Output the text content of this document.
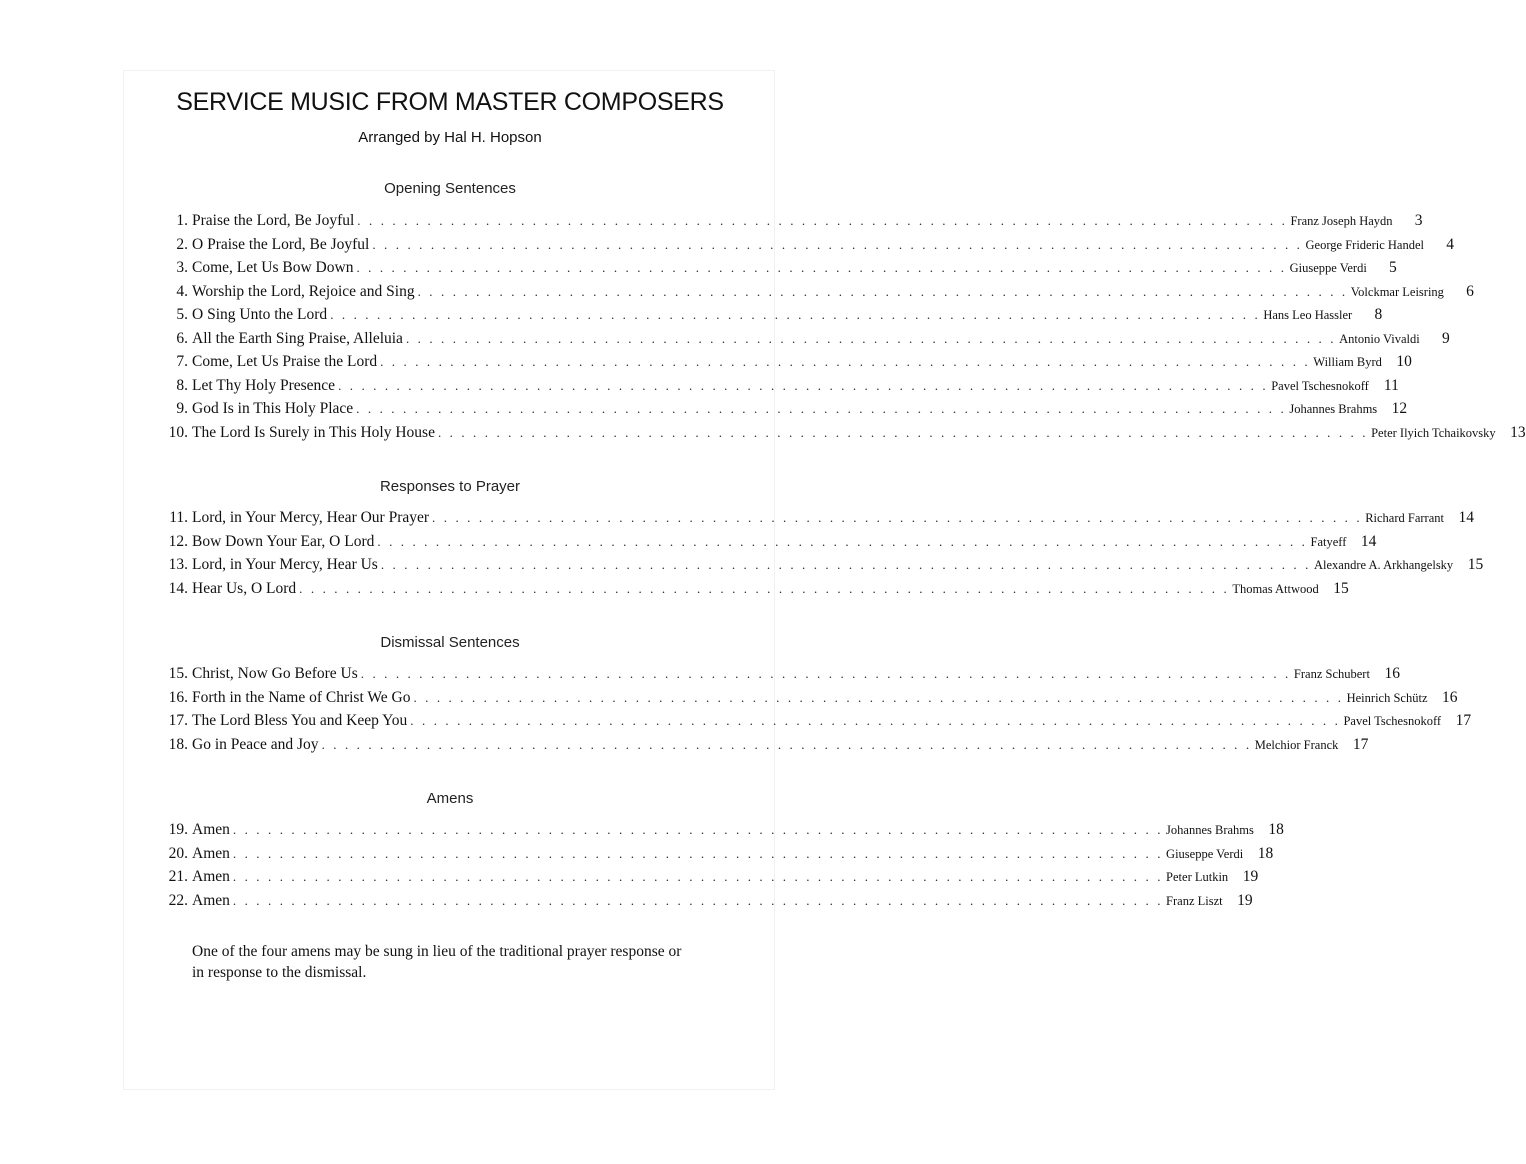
SERVICE MUSIC FROM MASTER COMPOSERS
Arranged by Hal H. Hopson
Opening Sentences
1. Praise the Lord, Be Joyful . . . . . . . . . . . . . . . . . . . . . . . . . . . . . . . . . . . . . . . . . . . . . . . . . . . . . . . . . . . . . . . . . . . . . . . . . . . . . . . . Franz Joseph Haydn	3
2. O Praise the Lord, Be Joyful . . . . . . . . . . . . . . . . . . . . . . . . . . . . . . . . . . . . . . . . . . . . . . . . . . . . . . . . . . . . . . . . . . . . . . . . . . . . . . . . George Frideric Handel	4
3. Come, Let Us Bow Down . . . . . . . . . . . . . . . . . . . . . . . . . . . . . . . . . . . . . . . . . . . . . . . . . . . . . . . . . . . . . . . . . . . . . . . . . . . . . . . . Giuseppe Verdi	5
4. Worship the Lord, Rejoice and Sing . . . . . . . . . . . . . . . . . . . . . . . . . . . . . . . . . . . . . . . . . . . . . . . . . . . . . . . . . . . . . . . . . . . . . . . . . . . . . . . . Volckmar Leisring	6
5. O Sing Unto the Lord . . . . . . . . . . . . . . . . . . . . . . . . . . . . . . . . . . . . . . . . . . . . . . . . . . . . . . . . . . . . . . . . . . . . . . . . . . . . . . . . Hans Leo Hassler	8
6. All the Earth Sing Praise, Alleluia . . . . . . . . . . . . . . . . . . . . . . . . . . . . . . . . . . . . . . . . . . . . . . . . . . . . . . . . . . . . . . . . . . . . . . . . . . . . . . . . Antonio Vivaldi	9
7. Come, Let Us Praise the Lord . . . . . . . . . . . . . . . . . . . . . . . . . . . . . . . . . . . . . . . . . . . . . . . . . . . . . . . . . . . . . . . . . . . . . . . . . . . . . . . . William Byrd 10
8. Let Thy Holy Presence . . . . . . . . . . . . . . . . . . . . . . . . . . . . . . . . . . . . . . . . . . . . . . . . . . . . . . . . . . . . . . . . . . . . . . . . . . . . . . . . Pavel Tschesnokoff 11
9. God Is in This Holy Place . . . . . . . . . . . . . . . . . . . . . . . . . . . . . . . . . . . . . . . . . . . . . . . . . . . . . . . . . . . . . . . . . . . . . . . . . . . . . . . . Johannes Brahms 12
10. The Lord Is Surely in This Holy House . . . . . . . . . . . . . . . . . . . . . . . . . . . . . . . . . . . . . . . . . . . . . . . . . . . . . . . . . . . . . . . . . . . . . . . . . . . . . . . . Peter Ilyich Tchaikovsky 13
Responses to Prayer
11. Lord, in Your Mercy, Hear Our Prayer . . . . . . . . . . . . . . . . . . . . . . . . . . . . . . . . . . . . . . . . . . . . . . . . . . . . . . . . . . . . . . . . . . . . . . . . . . . . . . . . Richard Farrant 14
12. Bow Down Your Ear, O Lord . . . . . . . . . . . . . . . . . . . . . . . . . . . . . . . . . . . . . . . . . . . . . . . . . . . . . . . . . . . . . . . . . . . . . . . . . . . . . . . . Fatyeff 14
13. Lord, in Your Mercy, Hear Us . . . . . . . . . . . . . . . . . . . . . . . . . . . . . . . . . . . . . . . . . . . . . . . . . . . . . . . . . . . . . . . . . . . . . . . . . . . . . . . . Alexandre A. Arkhangelsky 15
14. Hear Us, O Lord . . . . . . . . . . . . . . . . . . . . . . . . . . . . . . . . . . . . . . . . . . . . . . . . . . . . . . . . . . . . . . . . . . . . . . . . . . . . . . . . Thomas Attwood 15
Dismissal Sentences
15. Christ, Now Go Before Us . . . . . . . . . . . . . . . . . . . . . . . . . . . . . . . . . . . . . . . . . . . . . . . . . . . . . . . . . . . . . . . . . . . . . . . . . . . . . . . . Franz Schubert 16
16. Forth in the Name of Christ We Go . . . . . . . . . . . . . . . . . . . . . . . . . . . . . . . . . . . . . . . . . . . . . . . . . . . . . . . . . . . . . . . . . . . . . . . . . . . . . . . . Heinrich Schütz 16
17. The Lord Bless You and Keep You . . . . . . . . . . . . . . . . . . . . . . . . . . . . . . . . . . . . . . . . . . . . . . . . . . . . . . . . . . . . . . . . . . . . . . . . . . . . . . . . Pavel Tschesnokoff 17
18. Go in Peace and Joy . . . . . . . . . . . . . . . . . . . . . . . . . . . . . . . . . . . . . . . . . . . . . . . . . . . . . . . . . . . . . . . . . . . . . . . . . . . . . . . . Melchior Franck 17
Amens
19. Amen . . . . . . . . . . . . . . . . . . . . . . . . . . . . . . . . . . . . . . . . . . . . . . . . . . . . . . . . . . . . . . . . . . . . . . . . . . . . . . . . Johannes Brahms 18
20. Amen . . . . . . . . . . . . . . . . . . . . . . . . . . . . . . . . . . . . . . . . . . . . . . . . . . . . . . . . . . . . . . . . . . . . . . . . . . . . . . . . Giuseppe Verdi 18
21. Amen . . . . . . . . . . . . . . . . . . . . . . . . . . . . . . . . . . . . . . . . . . . . . . . . . . . . . . . . . . . . . . . . . . . . . . . . . . . . . . . . Peter Lutkin 19
22. Amen . . . . . . . . . . . . . . . . . . . . . . . . . . . . . . . . . . . . . . . . . . . . . . . . . . . . . . . . . . . . . . . . . . . . . . . . . . . . . . . . Franz Liszt 19
One of the four amens may be sung in lieu of the traditional prayer response or in response to the dismissal.
